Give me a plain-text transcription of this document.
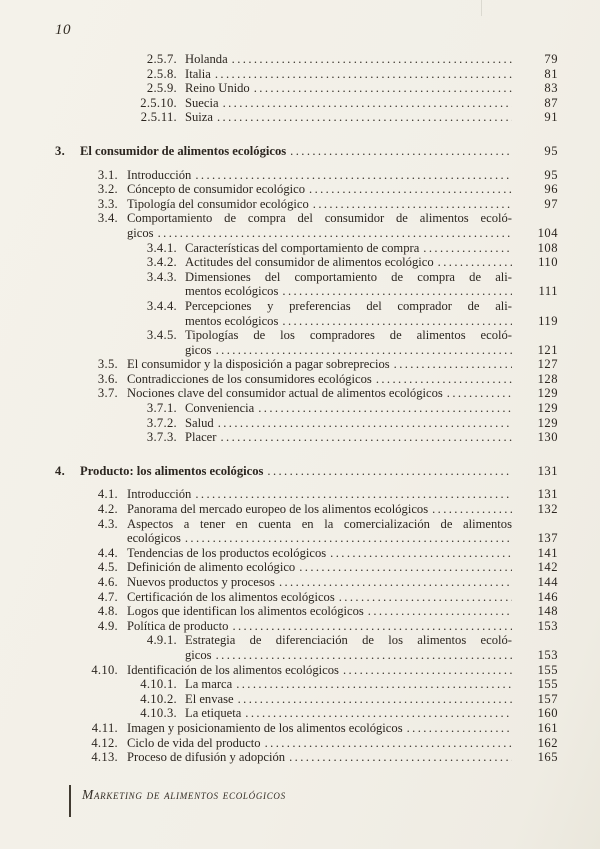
10
2.5.7. Holanda .....	79
2.5.8. Italia .....	81
2.5.9. Reino Unido .....	83
2.5.10. Suecia .....	87
2.5.11. Suiza .....	91
3.	El consumidor de alimentos ecológicos .....	95
3.1. Introducción .....	95
3.2. Cóncepto de consumidor ecológico .....	96
3.3. Tipología del consumidor ecológico .....	97
3.4. Comportamiento de compra del consumidor de alimentos ecoló-
gicos .....	104
3.4.1. Características del comportamiento de compra .....	108
3.4.2. Actitudes del consumidor de alimentos ecológico .....	110
3.4.3. Dimensiones del comportamiento de compra de ali-
mentos ecológicos .....	111
3.4.4. Percepciones y preferencias del comprador de ali-
mentos ecológicos .....	119
3.4.5. Tipologías de los compradores de alimentos ecoló-
gicos .....	121
3.5. El consumidor y la disposición a pagar sobreprecios .....	127
3.6. Contradicciones de los consumidores ecológicos .....	128
3.7. Nociones clave del consumidor actual de alimentos ecológicos .....	129
3.7.1. Conveniencia .....	129
3.7.2. Salud .....	129
3.7.3. Placer .....	130
4.	Producto: los alimentos ecológicos .....	131
4.1. Introducción .....	131
4.2. Panorama del mercado europeo de los alimentos ecológicos .....	132
4.3. Aspectos a tener en cuenta en la comercialización de alimentos
ecológicos .....	137
4.4. Tendencias de los productos ecológicos .....	141
4.5. Definición de alimento ecológico .....	142
4.6. Nuevos productos y procesos .....	144
4.7. Certificación de los alimentos ecológicos .....	146
4.8. Logos que identifican los alimentos ecológicos .....	148
4.9. Política de producto .....	153
4.9.1. Estrategia de diferenciación de los alimentos ecoló-
gicos .....	153
4.10. Identificación de los alimentos ecológicos .....	155
4.10.1. La marca .....	155
4.10.2. El envase .....	157
4.10.3. La etiqueta .....	160
4.11. Imagen y posicionamiento de los alimentos ecológicos .....	161
4.12. Ciclo de vida del producto .....	162
4.13. Proceso de difusión y adopción .....	165
Marketing de alimentos ecológicos
